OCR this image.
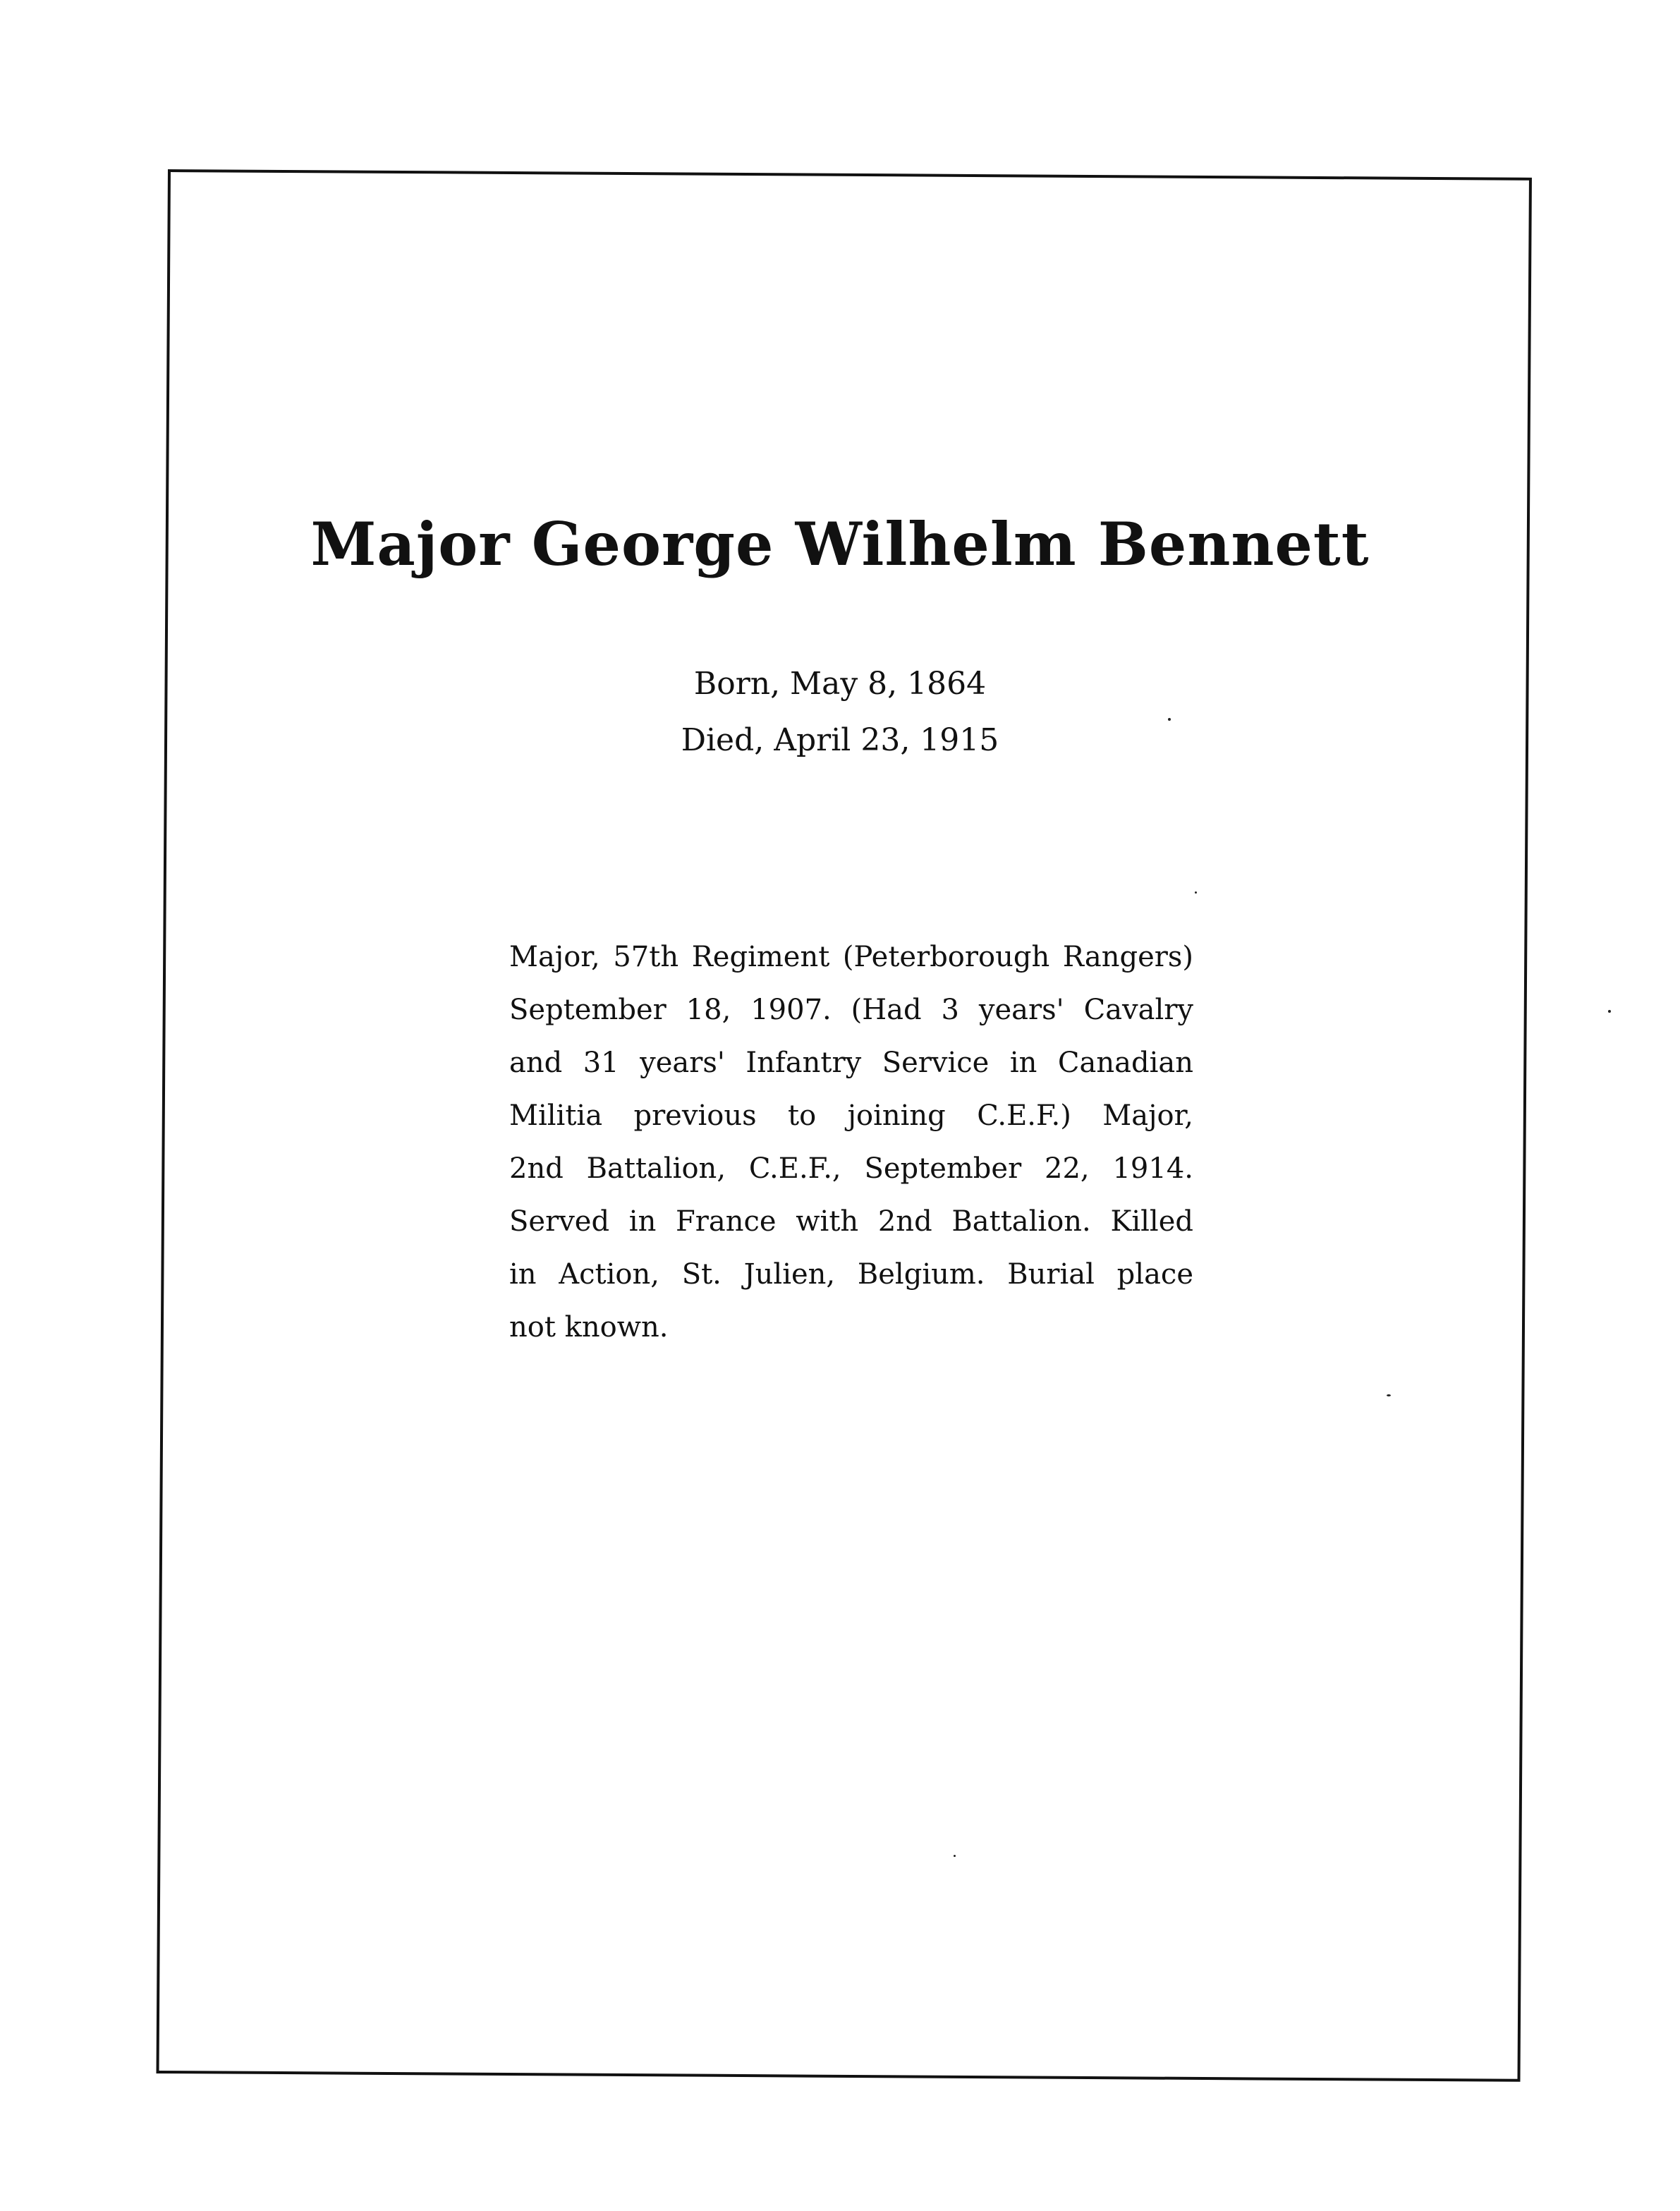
Major George Wilhelm Bennett
Born, May 8, 1864
Died, April 23, 1915
Major, 57th Regiment (Peterborough Rangers)
September 18, 1907. (Had 3 years' Cavalry
and 31 years' Infantry Service in Canadian
Militia previous to joining C.E.F.) Major,
2nd Battalion, C.E.F., September 22, 1914.
Served in France with 2nd Battalion. Killed
in Action, St. Julien, Belgium. Burial place
not known.
